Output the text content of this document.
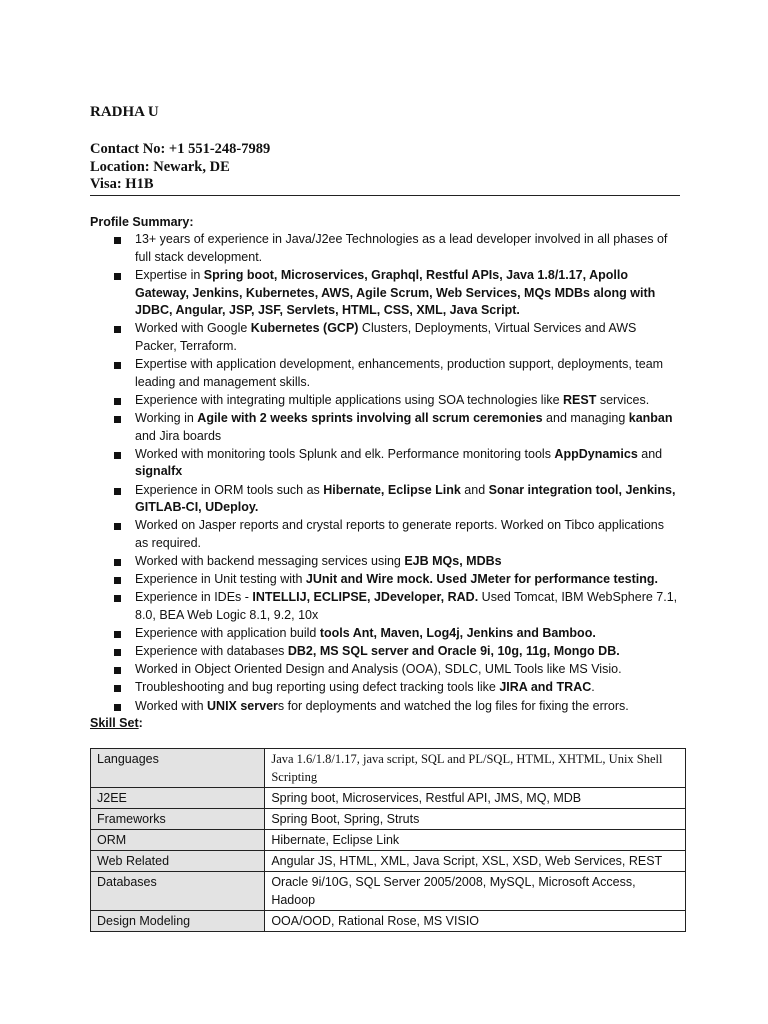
RADHA U
Contact No: +1 551-248-7989
Location: Newark, DE
Visa: H1B
Profile Summary:
13+ years of experience in Java/J2ee Technologies as a lead developer involved in all phases of full stack development.
Expertise in Spring boot, Microservices, Graphql, Restful APIs, Java 1.8/1.17, Apollo Gateway, Jenkins, Kubernetes, AWS, Agile Scrum, Web Services, MQs MDBs along with JDBC, Angular, JSP, JSF, Servlets, HTML, CSS, XML, Java Script.
Worked with Google Kubernetes (GCP) Clusters, Deployments, Virtual Services and AWS Packer, Terraform.
Expertise with application development, enhancements, production support, deployments, team leading and management skills.
Experience with integrating multiple applications using SOA technologies like REST services.
Working in Agile with 2 weeks sprints involving all scrum ceremonies and managing kanban and Jira boards
Worked with monitoring tools Splunk and elk. Performance monitoring tools AppDynamics and signalfx
Experience in ORM tools such as Hibernate, Eclipse Link and Sonar integration tool, Jenkins, GITLAB-CI, UDeploy.
Worked on Jasper reports and crystal reports to generate reports. Worked on Tibco applications as required.
Worked with backend messaging services using EJB MQs, MDBs
Experience in Unit testing with JUnit and Wire mock. Used JMeter for performance testing.
Experience in IDEs - INTELLIJ, ECLIPSE, JDeveloper, RAD. Used Tomcat, IBM WebSphere 7.1, 8.0, BEA Web Logic 8.1, 9.2, 10x
Experience with application build tools Ant, Maven, Log4j, Jenkins and Bamboo.
Experience with databases DB2, MS SQL server and Oracle 9i, 10g, 11g, Mongo DB.
Worked in Object Oriented Design and Analysis (OOA), SDLC, UML Tools like MS Visio.
Troubleshooting and bug reporting using defect tracking tools like JIRA and TRAC.
Worked with UNIX servers for deployments and watched the log files for fixing the errors.
Skill Set:
Languages	Java 1.6/1.8/1.17, java script, SQL and PL/SQL, HTML, XHTML, Unix Shell Scripting
J2EE	Spring boot, Microservices, Restful API, JMS, MQ, MDB
Frameworks	Spring Boot, Spring, Struts
ORM	Hibernate, Eclipse Link
Web Related	Angular JS, HTML, XML, Java Script, XSL, XSD, Web Services, REST
Databases	Oracle 9i/10G, SQL Server 2005/2008, MySQL, Microsoft Access, Hadoop
Design Modeling	OOA/OOD, Rational Rose, MS VISIO
